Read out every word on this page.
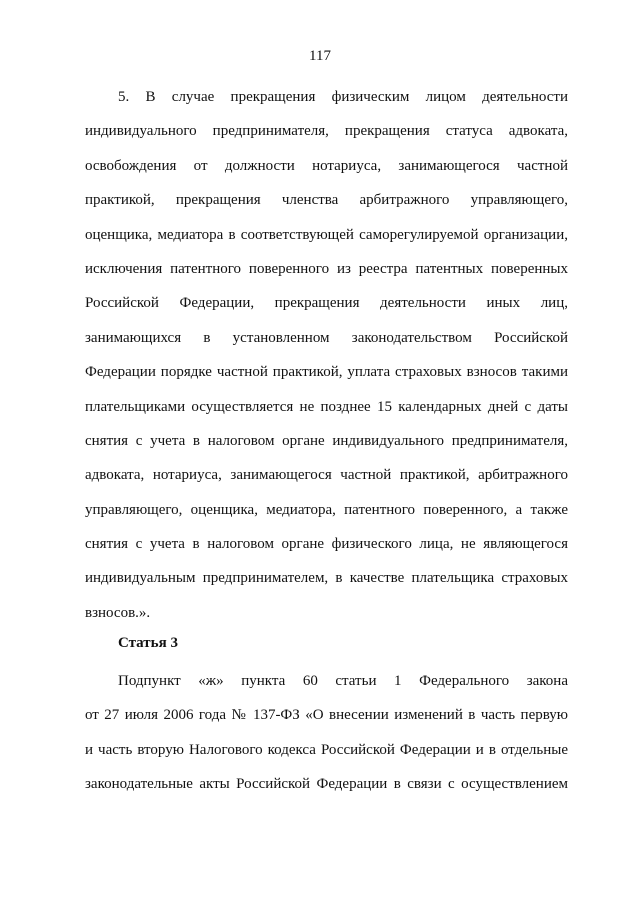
117
5. В случае прекращения физическим лицом деятельности
индивидуального предпринимателя, прекращения статуса адвоката,
освобождения от должности нотариуса, занимающегося частной
практикой, прекращения членства арбитражного управляющего,
оценщика, медиатора в соответствующей саморегулируемой организации,
исключения патентного поверенного из реестра патентных поверенных
Российской Федерации, прекращения деятельности иных лиц,
занимающихся в установленном законодательством Российской
Федерации порядке частной практикой, уплата страховых взносов такими
плательщиками осуществляется не позднее 15 календарных дней с даты
снятия с учета в налоговом органе индивидуального предпринимателя,
адвоката, нотариуса, занимающегося частной практикой, арбитражного
управляющего, оценщика, медиатора, патентного поверенного, а также
снятия с учета в налоговом органе физического лица, не являющегося
индивидуальным предпринимателем, в качестве плательщика страховых
взносов.».
Статья 3
Подпункт «ж» пункта 60 статьи 1 Федерального закона
от 27 июля 2006 года № 137-ФЗ «О внесении изменений в часть первую
и часть вторую Налогового кодекса Российской Федерации и в отдельные
законодательные акты Российской Федерации в связи с осуществлением
